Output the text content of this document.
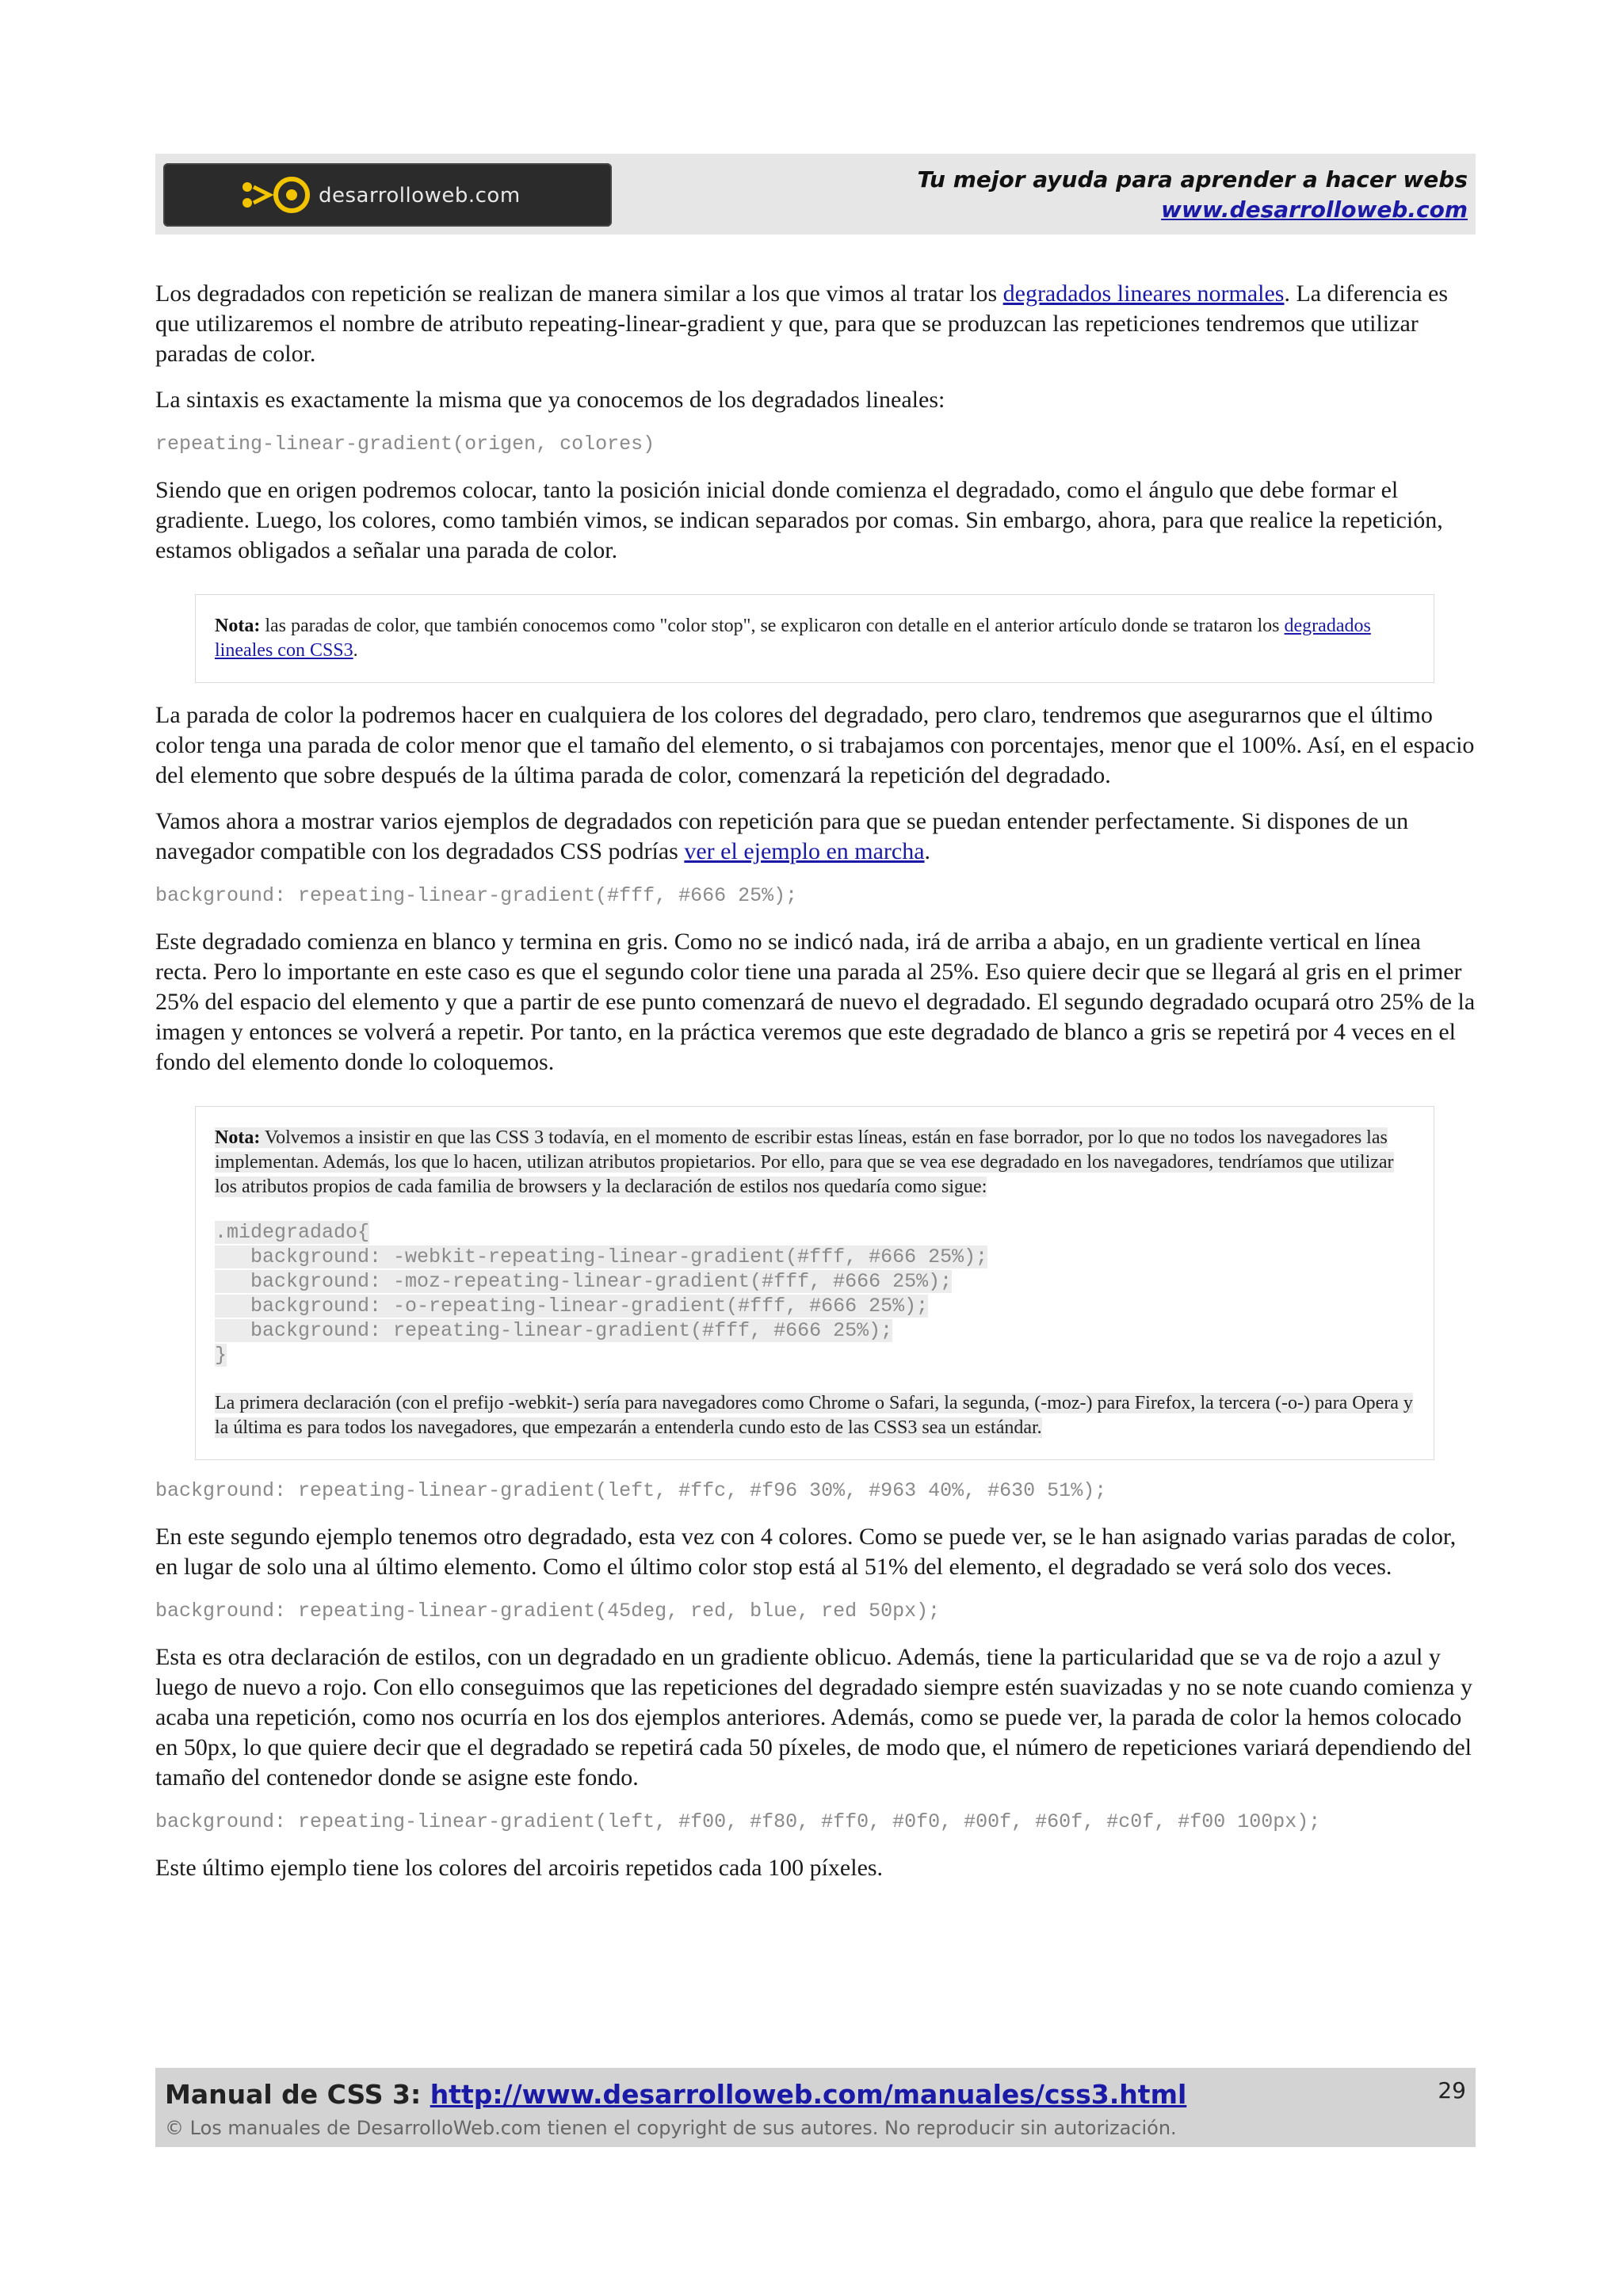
desarrolloweb.com
Tu mejor ayuda para aprender a hacer webs
www.desarrolloweb.com

Los degradados con repetición se realizan de manera similar a los que vimos al tratar los degradados lineares normales. La diferencia es que utilizaremos el nombre de atributo repeating-linear-gradient y que, para que se produzcan las repeticiones tendremos que utilizar paradas de color.

La sintaxis es exactamente la misma que ya conocemos de los degradados lineales:

repeating-linear-gradient(origen, colores)

Siendo que en origen podremos colocar, tanto la posición inicial donde comienza el degradado, como el ángulo que debe formar el gradiente. Luego, los colores, como también vimos, se indican separados por comas. Sin embargo, ahora, para que realice la repetición, estamos obligados a señalar una parada de color.

Nota: las paradas de color, que también conocemos como "color stop", se explicaron con detalle en el anterior artículo donde se trataron los degradados lineales con CSS3.

La parada de color la podremos hacer en cualquiera de los colores del degradado, pero claro, tendremos que asegurarnos que el último color tenga una parada de color menor que el tamaño del elemento, o si trabajamos con porcentajes, menor que el 100%. Así, en el espacio del elemento que sobre después de la última parada de color, comenzará la repetición del degradado.

Vamos ahora a mostrar varios ejemplos de degradados con repetición para que se puedan entender perfectamente. Si dispones de un navegador compatible con los degradados CSS podrías ver el ejemplo en marcha.

background: repeating-linear-gradient(#fff, #666 25%);

Este degradado comienza en blanco y termina en gris. Como no se indicó nada, irá de arriba a abajo, en un gradiente vertical en línea recta. Pero lo importante en este caso es que el segundo color tiene una parada al 25%. Eso quiere decir que se llegará al gris en el primer 25% del espacio del elemento y que a partir de ese punto comenzará de nuevo el degradado. El segundo degradado ocupará otro 25% de la imagen y entonces se volverá a repetir. Por tanto, en la práctica veremos que este degradado de blanco a gris se repetirá por 4 veces en el fondo del elemento donde lo coloquemos.

Nota: Volvemos a insistir en que las CSS 3 todavía, en el momento de escribir estas líneas, están en fase borrador, por lo que no todos los navegadores las implementan. Además, los que lo hacen, utilizan atributos propietarios. Por ello, para que se vea ese degradado en los navegadores, tendríamos que utilizar los atributos propios de cada familia de browsers y la declaración de estilos nos quedaría como sigue:

.midegradado{
background: -webkit-repeating-linear-gradient(#fff, #666 25%);
background: -moz-repeating-linear-gradient(#fff, #666 25%);
background: -o-repeating-linear-gradient(#fff, #666 25%);
background: repeating-linear-gradient(#fff, #666 25%);
}

La primera declaración (con el prefijo -webkit-) sería para navegadores como Chrome o Safari, la segunda, (-moz-) para Firefox, la tercera (-o-) para Opera y la última es para todos los navegadores, que empezarán a entenderla cundo esto de las CSS3 sea un estándar.

background: repeating-linear-gradient(left, #ffc, #f96 30%, #963 40%, #630 51%);

En este segundo ejemplo tenemos otro degradado, esta vez con 4 colores. Como se puede ver, se le han asignado varias paradas de color, en lugar de solo una al último elemento. Como el último color stop está al 51% del elemento, el degradado se verá solo dos veces.

background: repeating-linear-gradient(45deg, red, blue, red 50px);

Esta es otra declaración de estilos, con un degradado en un gradiente oblicuo. Además, tiene la particularidad que se va de rojo a azul y luego de nuevo a rojo. Con ello conseguimos que las repeticiones del degradado siempre estén suavizadas y no se note cuando comienza y acaba una repetición, como nos ocurría en los dos ejemplos anteriores. Además, como se puede ver, la parada de color la hemos colocado en 50px, lo que quiere decir que el degradado se repetirá cada 50 píxeles, de modo que, el número de repeticiones variará dependiendo del tamaño del contenedor donde se asigne este fondo.

background: repeating-linear-gradient(left, #f00, #f80, #ff0, #0f0, #00f, #60f, #c0f, #f00 100px);

Este último ejemplo tiene los colores del arcoiris repetidos cada 100 píxeles.

Manual de CSS 3: http://www.desarrolloweb.com/manuales/css3.html
© Los manuales de DesarrolloWeb.com tienen el copyright de sus autores. No reproducir sin autorización.
29
